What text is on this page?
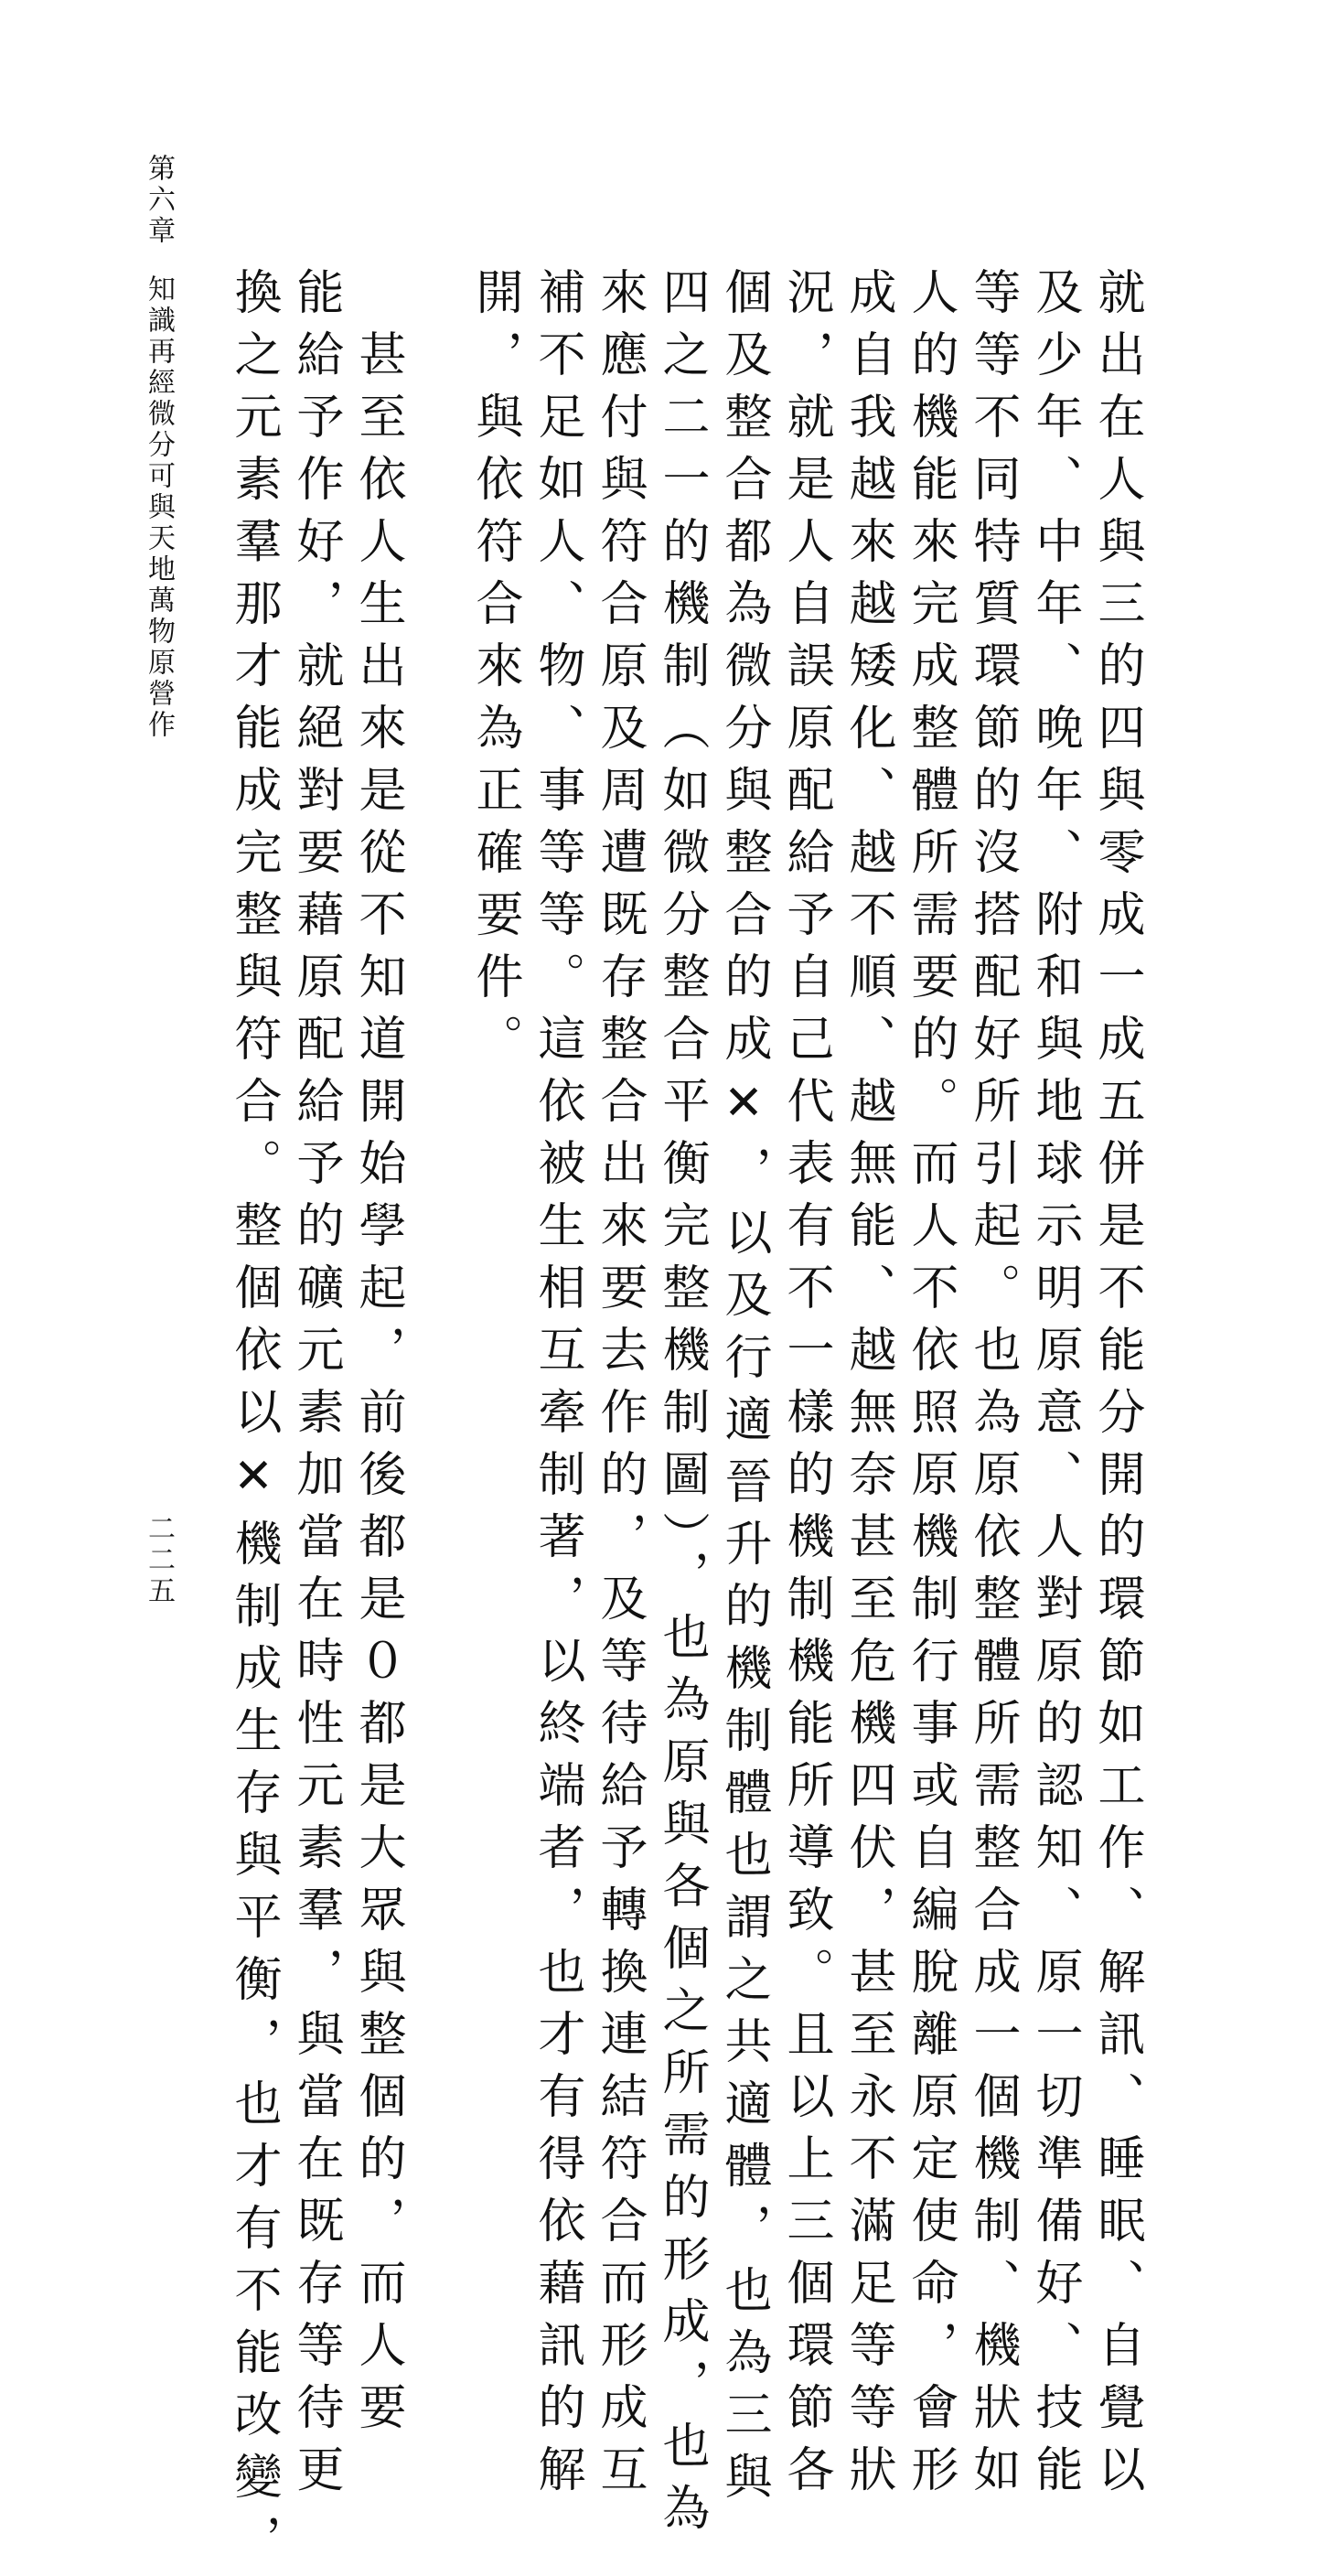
第六章
知識再經微分可與天地萬物原營作
二二五	就出在人與三的四與零成一成五併是不能分開的環節如工作、解訊、睡眠、自覺以
及少年、中年、晚年、附和與地球示明原意、人對原的認知、原一切準備好、技能
等等不同特質環節的沒搭配好所引起。也為原依整體所需整合成一個機制、機狀如
人的機能來完成整體所需要的。而人不依照原機制行事或自編脫離原定使命，會形
成自我越來越矮化、越不順、越無能、越無奈甚至危機四伏，甚至永不滿足等等狀
況，就是人自誤原配給予自己代表有不一樣的機制機能所導致。且以上三個環節各
個及整合都為微分與整合的成✕，以及行適晉升的機制體也謂之共適體，也為三與
四之二一的機制（如微分整合平衡完整機制圖），也為原與各個之所需的形成，也為
來應付與符合原及周遭既存整合出來要去作的，及等待給予轉換連結符合而形成互
補不足如人、物、事等等。這依被生相互牽制著，以終端者，也才有得依藉訊的解
開，與依符合來為正確要件。
　甚至依人生出來是從不知道開始學起，前後都是０都是大眾與整個的，而人要
能給予作好，就絕對要藉原配給予的礦元素加當在時性元素羣，與當在既存等待更
換之元素羣那才能成完整與符合。整個依以✕機制成生存與平衡，也才有不能改變，
